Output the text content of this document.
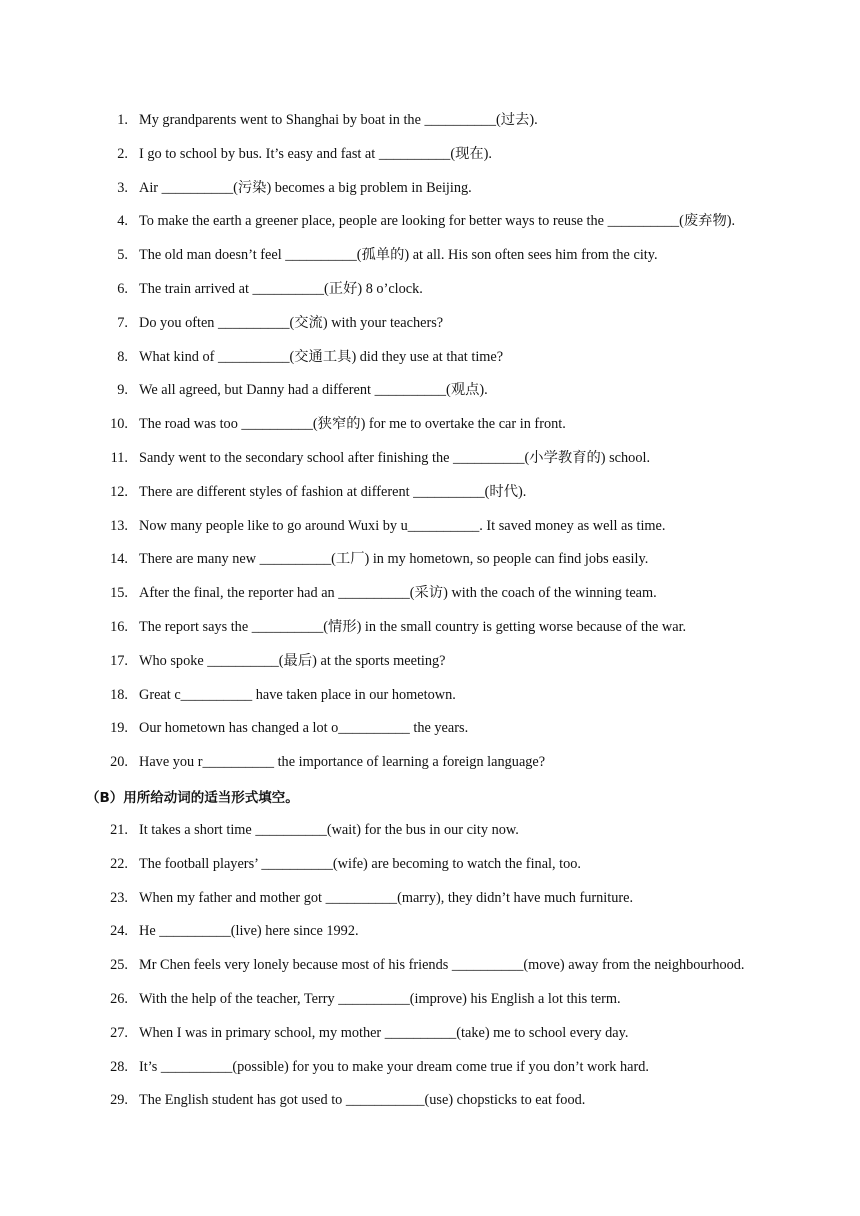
1. My grandparents went to Shanghai by boat in the __________(过去).
2. I go to school by bus. It’s easy and fast at __________(现在).
3. Air __________(污染) becomes a big problem in Beijing.
4. To make the earth a greener place, people are looking for better ways to reuse the __________(废弃物).
5. The old man doesn’t feel __________(孤单的) at all. His son often sees him from the city.
6. The train arrived at __________(正好) 8 o’clock.
7. Do you often __________(交流) with your teachers?
8. What kind of __________(交通工具) did they use at that time?
9. We all agreed, but Danny had a different __________(观点).
10. The road was too __________(狭窄的) for me to overtake the car in front.
11. Sandy went to the secondary school after finishing the __________(小学教育的) school.
12. There are different styles of fashion at different __________(时代).
13. Now many people like to go around Wuxi by u__________. It saved money as well as time.
14. There are many new __________(工厂) in my hometown, so people can find jobs easily.
15. After the final, the reporter had an __________(采访) with the coach of the winning team.
16. The report says the __________(情形) in the small country is getting worse because of the war.
17. Who spoke __________(最后) at the sports meeting?
18. Great c__________ have taken place in our hometown.
19. Our hometown has changed a lot o__________ the years.
20. Have you r__________ the importance of learning a foreign language?
（B）用所给动词的适当形式填空。
21. It takes a short time __________(wait) for the bus in our city now.
22. The football players’ __________(wife) are becoming to watch the final, too.
23. When my father and mother got __________(marry), they didn’t have much furniture.
24. He __________(live) here since 1992.
25. Mr Chen feels very lonely because most of his friends __________(move) away from the neighbourhood.
26. With the help of the teacher, Terry __________(improve) his English a lot this term.
27. When I was in primary school, my mother __________(take) me to school every day.
28. It’s __________(possible) for you to make your dream come true if you don’t work hard.
29. The English student has got used to ___________(use) chopsticks to eat food.
